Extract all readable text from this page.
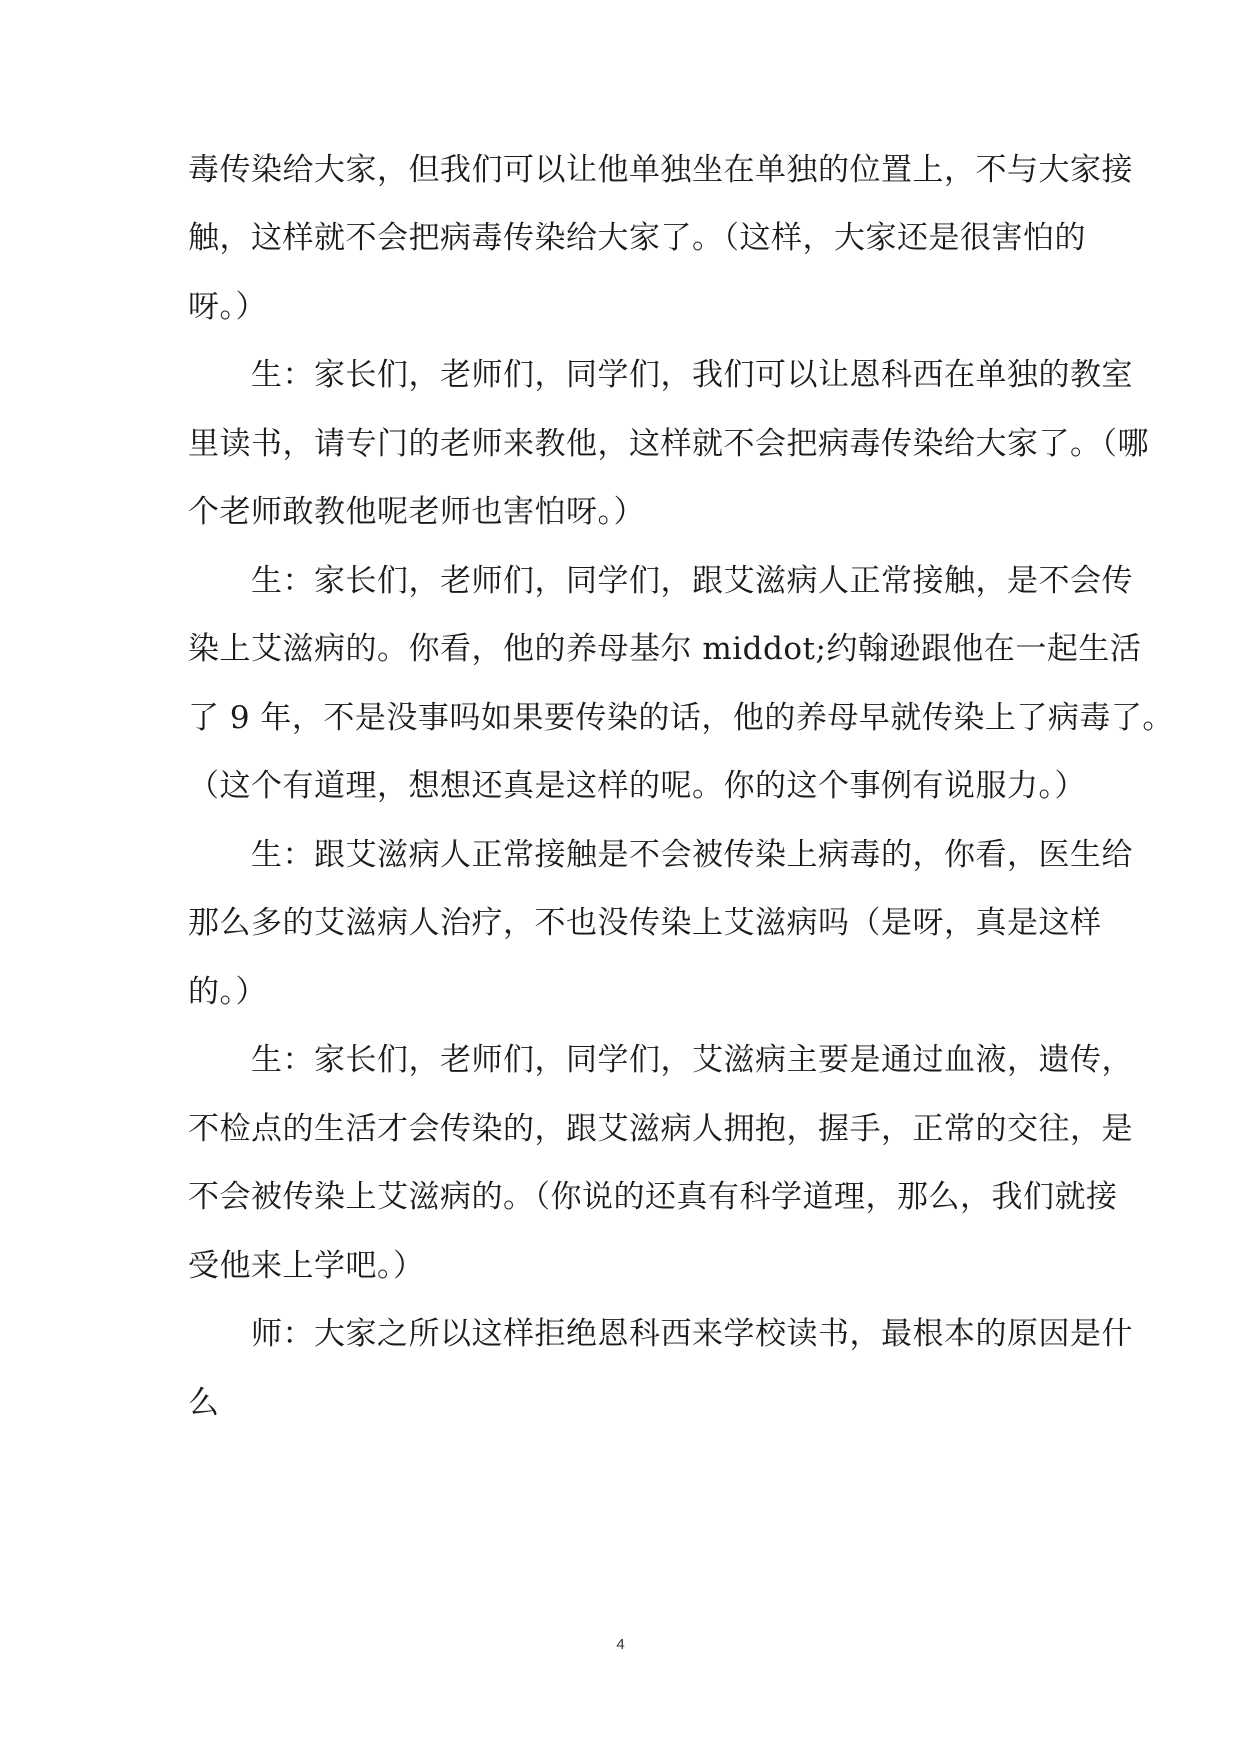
毒传染给大家，但我们可以让他单独坐在单独的位置上，不与大家接
触，这样就不会把病毒传染给大家了。（这样，大家还是很害怕的
呀。）
　　生：家长们，老师们，同学们，我们可以让恩科西在单独的教室
里读书，请专门的老师来教他，这样就不会把病毒传染给大家了。（哪
个老师敢教他呢老师也害怕呀。）
　　生：家长们，老师们，同学们，跟艾滋病人正常接触，是不会传
染上艾滋病的。你看，他的养母基尔 middot;约翰逊跟他在一起生活
了 9 年，不是没事吗如果要传染的话，他的养母早就传染上了病毒了。
（这个有道理，想想还真是这样的呢。你的这个事例有说服力。）
　　生：跟艾滋病人正常接触是不会被传染上病毒的，你看，医生给
那么多的艾滋病人治疗，不也没传染上艾滋病吗（是呀，真是这样
的。）
　　生：家长们，老师们，同学们，艾滋病主要是通过血液，遗传，
不检点的生活才会传染的，跟艾滋病人拥抱，握手，正常的交往，是
不会被传染上艾滋病的。（你说的还真有科学道理，那么，我们就接
受他来上学吧。）
　　师：大家之所以这样拒绝恩科西来学校读书，最根本的原因是什
么
4
